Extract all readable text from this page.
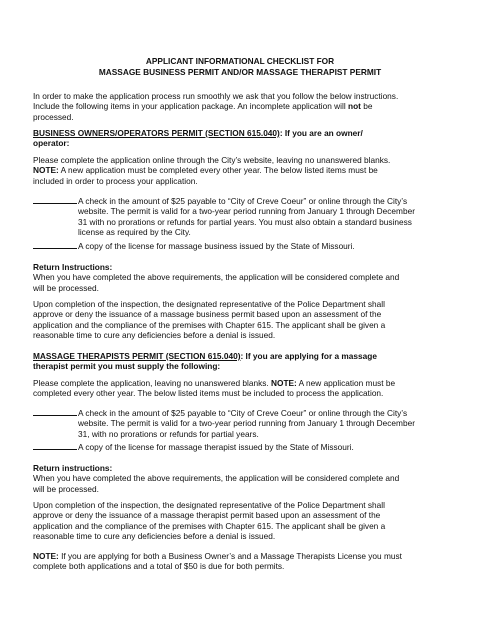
APPLICANT INFORMATIONAL CHECKLIST FOR
MASSAGE BUSINESS PERMIT AND/OR MASSAGE THERAPIST PERMIT
In order to make the application process run smoothly we ask that you follow the below instructions.
Include the following items in your application package. An incomplete application will not be
processed.
BUSINESS OWNERS/OPERATORS PERMIT (SECTION 615.040): If you are an owner/
operator:
Please complete the application online through the City’s website, leaving no unanswered blanks.
NOTE: A new application must be completed every other year. The below listed items must be
included in order to process your application.
A check in the amount of $25 payable to “City of Creve Coeur” or online through the City’s
website. The permit is valid for a two-year period running from January 1 through December
31 with no prorations or refunds for partial years. You must also obtain a standard business
license as required by the City.
A copy of the license for massage business issued by the State of Missouri.
Return Instructions:
When you have completed the above requirements, the application will be considered complete and
will be processed.
Upon completion of the inspection, the designated representative of the Police Department shall
approve or deny the issuance of a massage business permit based upon an assessment of the
application and the compliance of the premises with Chapter 615. The applicant shall be given a
reasonable time to cure any deficiencies before a denial is issued.
MASSAGE THERAPISTS PERMIT (SECTION 615.040): If you are applying for a massage
therapist permit you must supply the following:
Please complete the application, leaving no unanswered blanks. NOTE: A new application must be
completed every other year. The below listed items must be included to process the application.
A check in the amount of $25 payable to “City of Creve Coeur” or online through the City’s
website. The permit is valid for a two-year period running from January 1 through December
31, with no prorations or refunds for partial years.
A copy of the license for massage therapist issued by the State of Missouri.
Return instructions:
When you have completed the above requirements, the application will be considered complete and
will be processed.
Upon completion of the inspection, the designated representative of the Police Department shall
approve or deny the issuance of a massage therapist permit based upon an assessment of the
application and the compliance of the premises with Chapter 615. The applicant shall be given a
reasonable time to cure any deficiencies before a denial is issued.
NOTE: If you are applying for both a Business Owner’s and a Massage Therapists License you must
complete both applications and a total of $50 is due for both permits.
